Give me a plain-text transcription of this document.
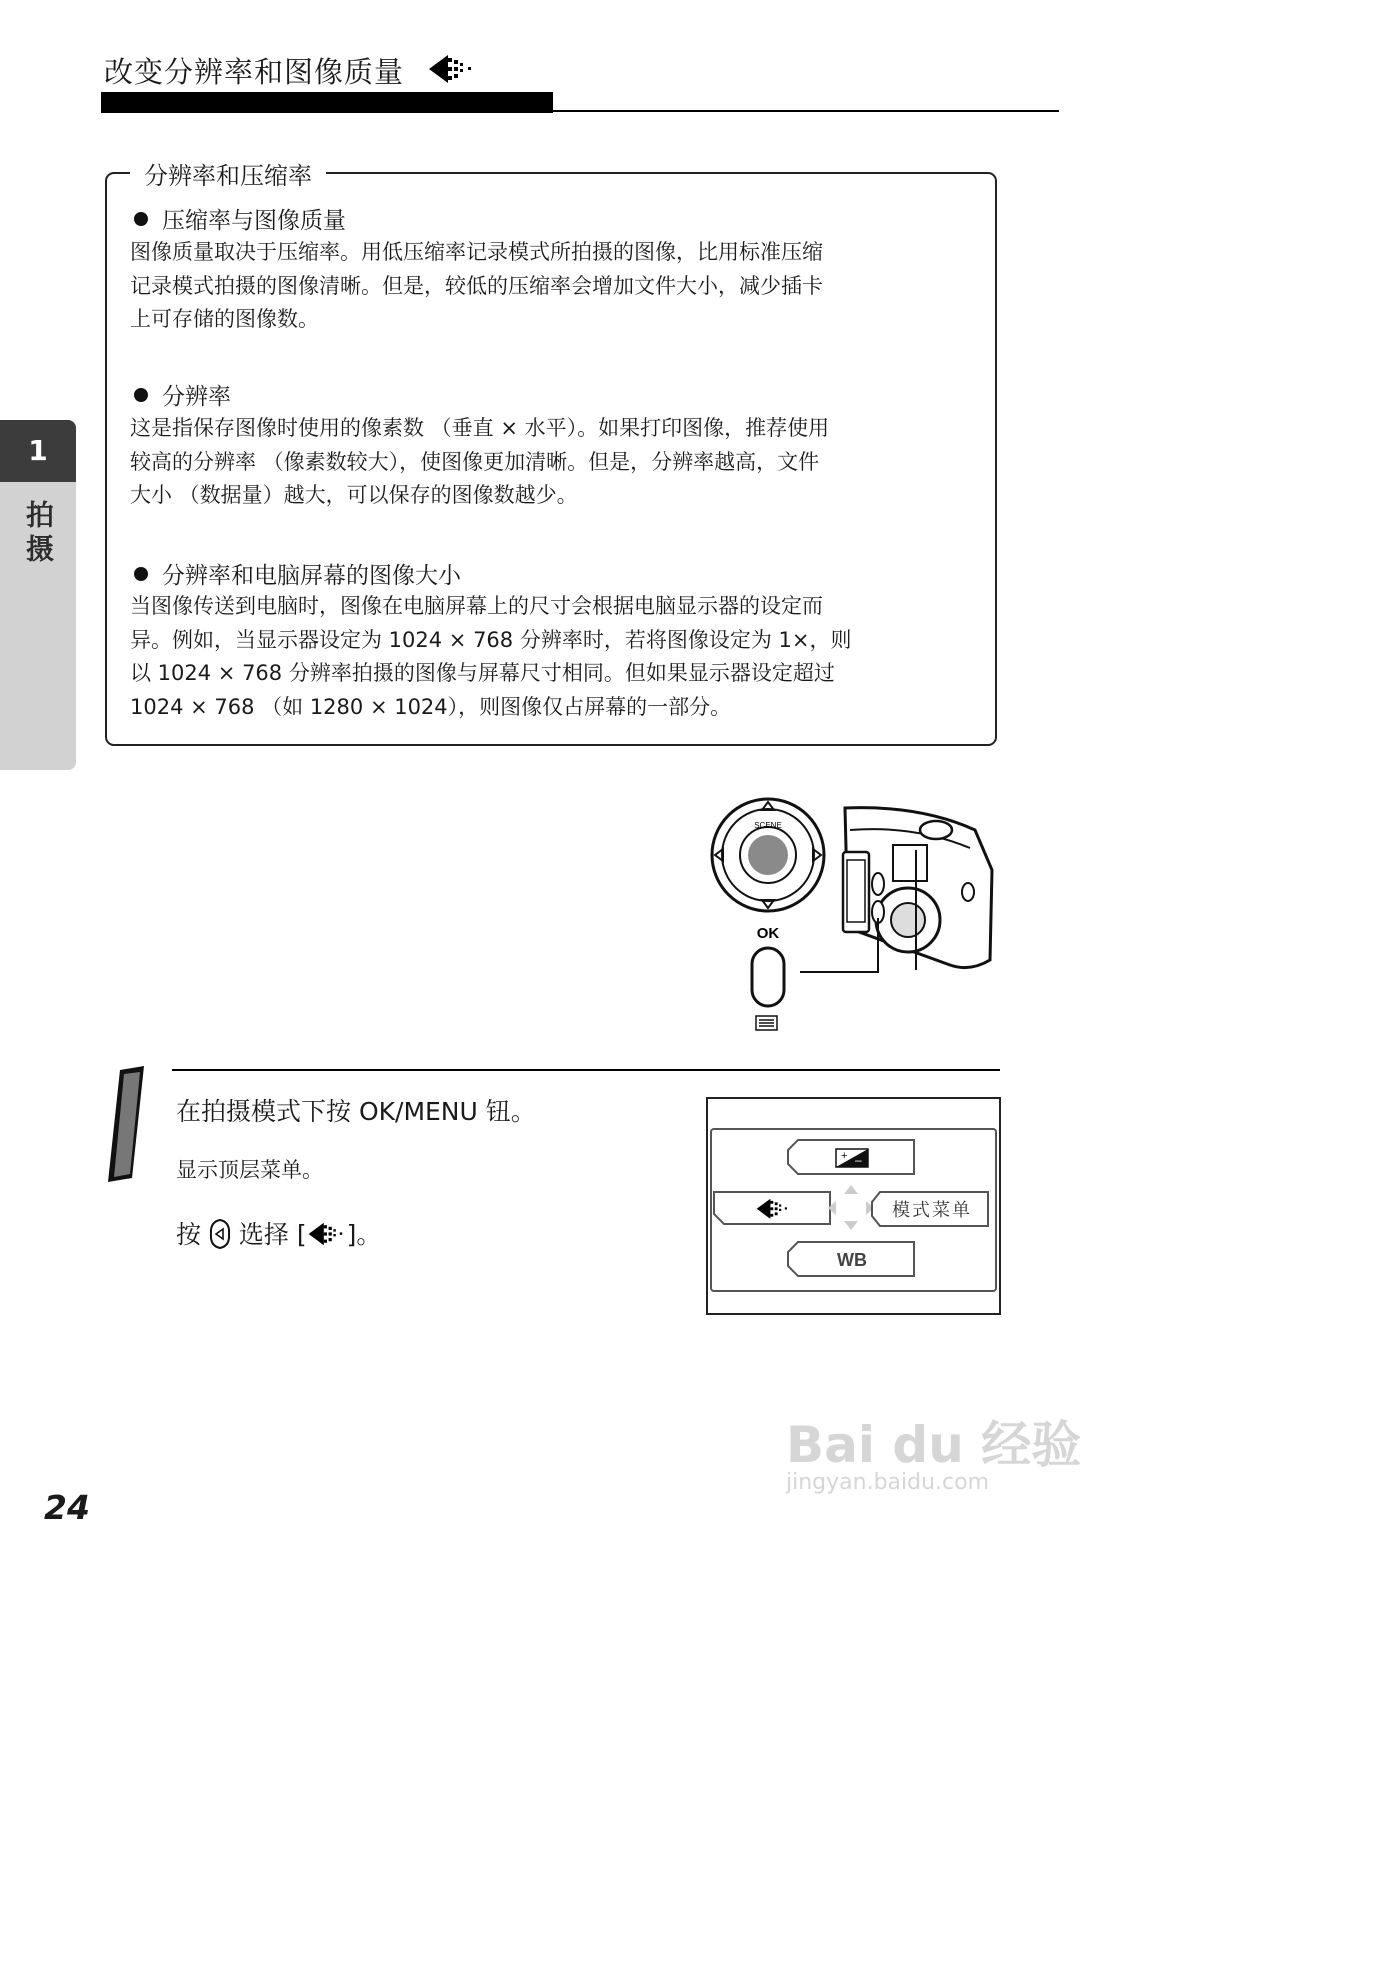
改变分辨率和图像质量
1
拍摄
分辨率和压缩率
压缩率与图像质量
图像质量取决于压缩率。用低压缩率记录模式所拍摄的图像，比用标准压缩
记录模式拍摄的图像清晰。但是，较低的压缩率会增加文件大小，减少插卡
上可存储的图像数。
分辨率
这是指保存图像时使用的像素数 （垂直 × 水平）。如果打印图像，推荐使用
较高的分辨率 （像素数较大），使图像更加清晰。但是，分辨率越高，文件
大小 （数据量）越大，可以保存的图像数越少。
分辨率和电脑屏幕的图像大小
当图像传送到电脑时，图像在电脑屏幕上的尺寸会根据电脑显示器的设定而
异。例如，当显示器设定为 1024 × 768 分辨率时，若将图像设定为 1×，则
以 1024 × 768 分辨率拍摄的图像与屏幕尺寸相同。但如果显示器设定超过
1024 × 768 （如 1280 × 1024），则图像仅占屏幕的一部分。
SCENE
OK
在拍摄模式下按 OK/MENU 钮。
显示顶层菜单。
按  选择 [ ]。
+ –
模式菜单
WB
Bai du 经验
jingyan.baidu.com
24
